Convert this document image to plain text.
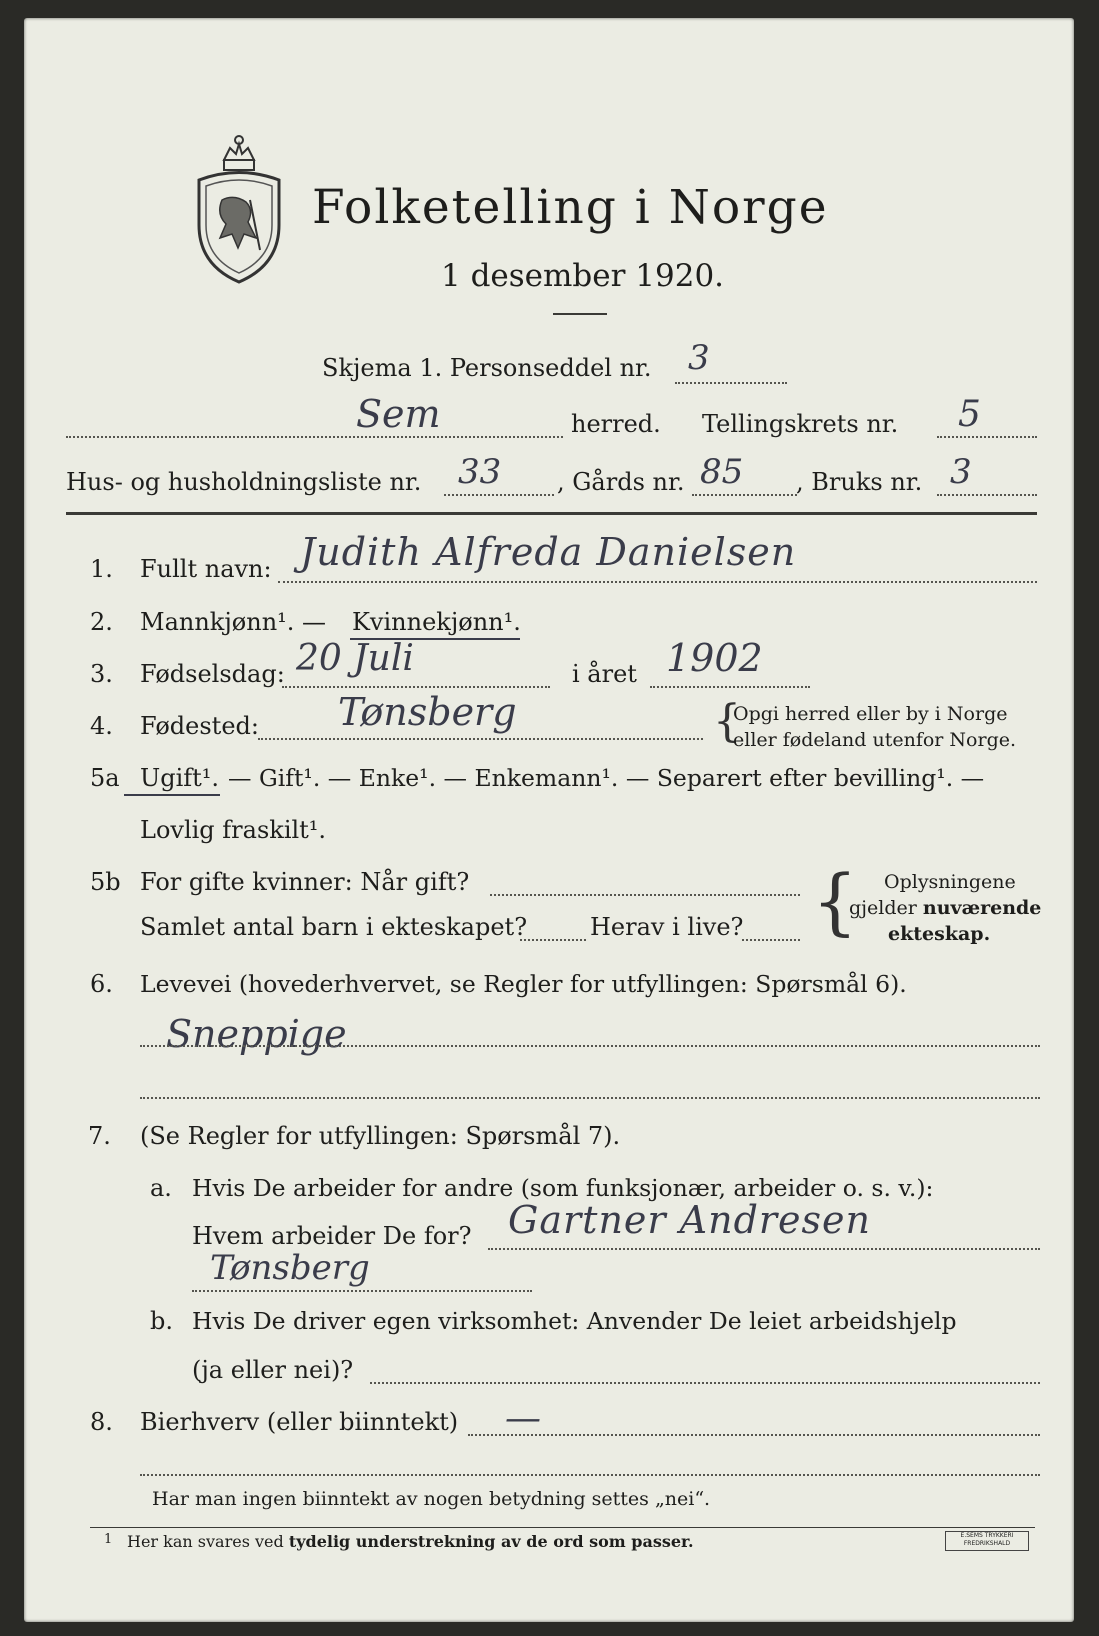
Folketelling i Norge
1 desember 1920.
Skjema 1. Personseddel nr. 3
Sem	herred. Tellingskrets nr. 5
Hus- og husholdningsliste nr. 33 , Gårds nr. 85 , Bruks nr. 3
1. Fullt navn: Judith Alfreda Danielsen
2. Mannkjønn¹. — Kvinnekjønn¹.
3. Fødselsdag: 20 Juli	i året 1902
4. Fødested: Tønsberg	{
Opgi herred eller by i Norge
eller fødeland utenfor Norge.
5a Ugift¹. — Gift¹. — Enke¹. — Enkemann¹. — Separert efter bevilling¹. —
Lovlig fraskilt¹.
5b For gifte kvinner: Når gift?
Samlet antal barn i ekteskapet?	Herav i live? { Oplysningene
gjelder nuværende
ekteskap.
6. Levevei (hovederhvervet, se Regler for utfyllingen: Spørsmål 6).
Sneppige
7. (Se Regler for utfyllingen: Spørsmål 7).
a. Hvis De arbeider for andre (som funksjonær, arbeider o. s. v.):
Hvem arbeider De for? Gartner Andresen
Tønsberg
b. Hvis De driver egen virksomhet: Anvender De leiet arbeidshjelp
(ja eller nei)?
8. Bierhverv (eller biinntekt) —
Har man ingen biinntekt av nogen betydning settes „nei“.
1 Her kan svares ved tydelig understrekning av de ord som passer.	E.SEMS TRYKKERI FREDRIKSHALD
